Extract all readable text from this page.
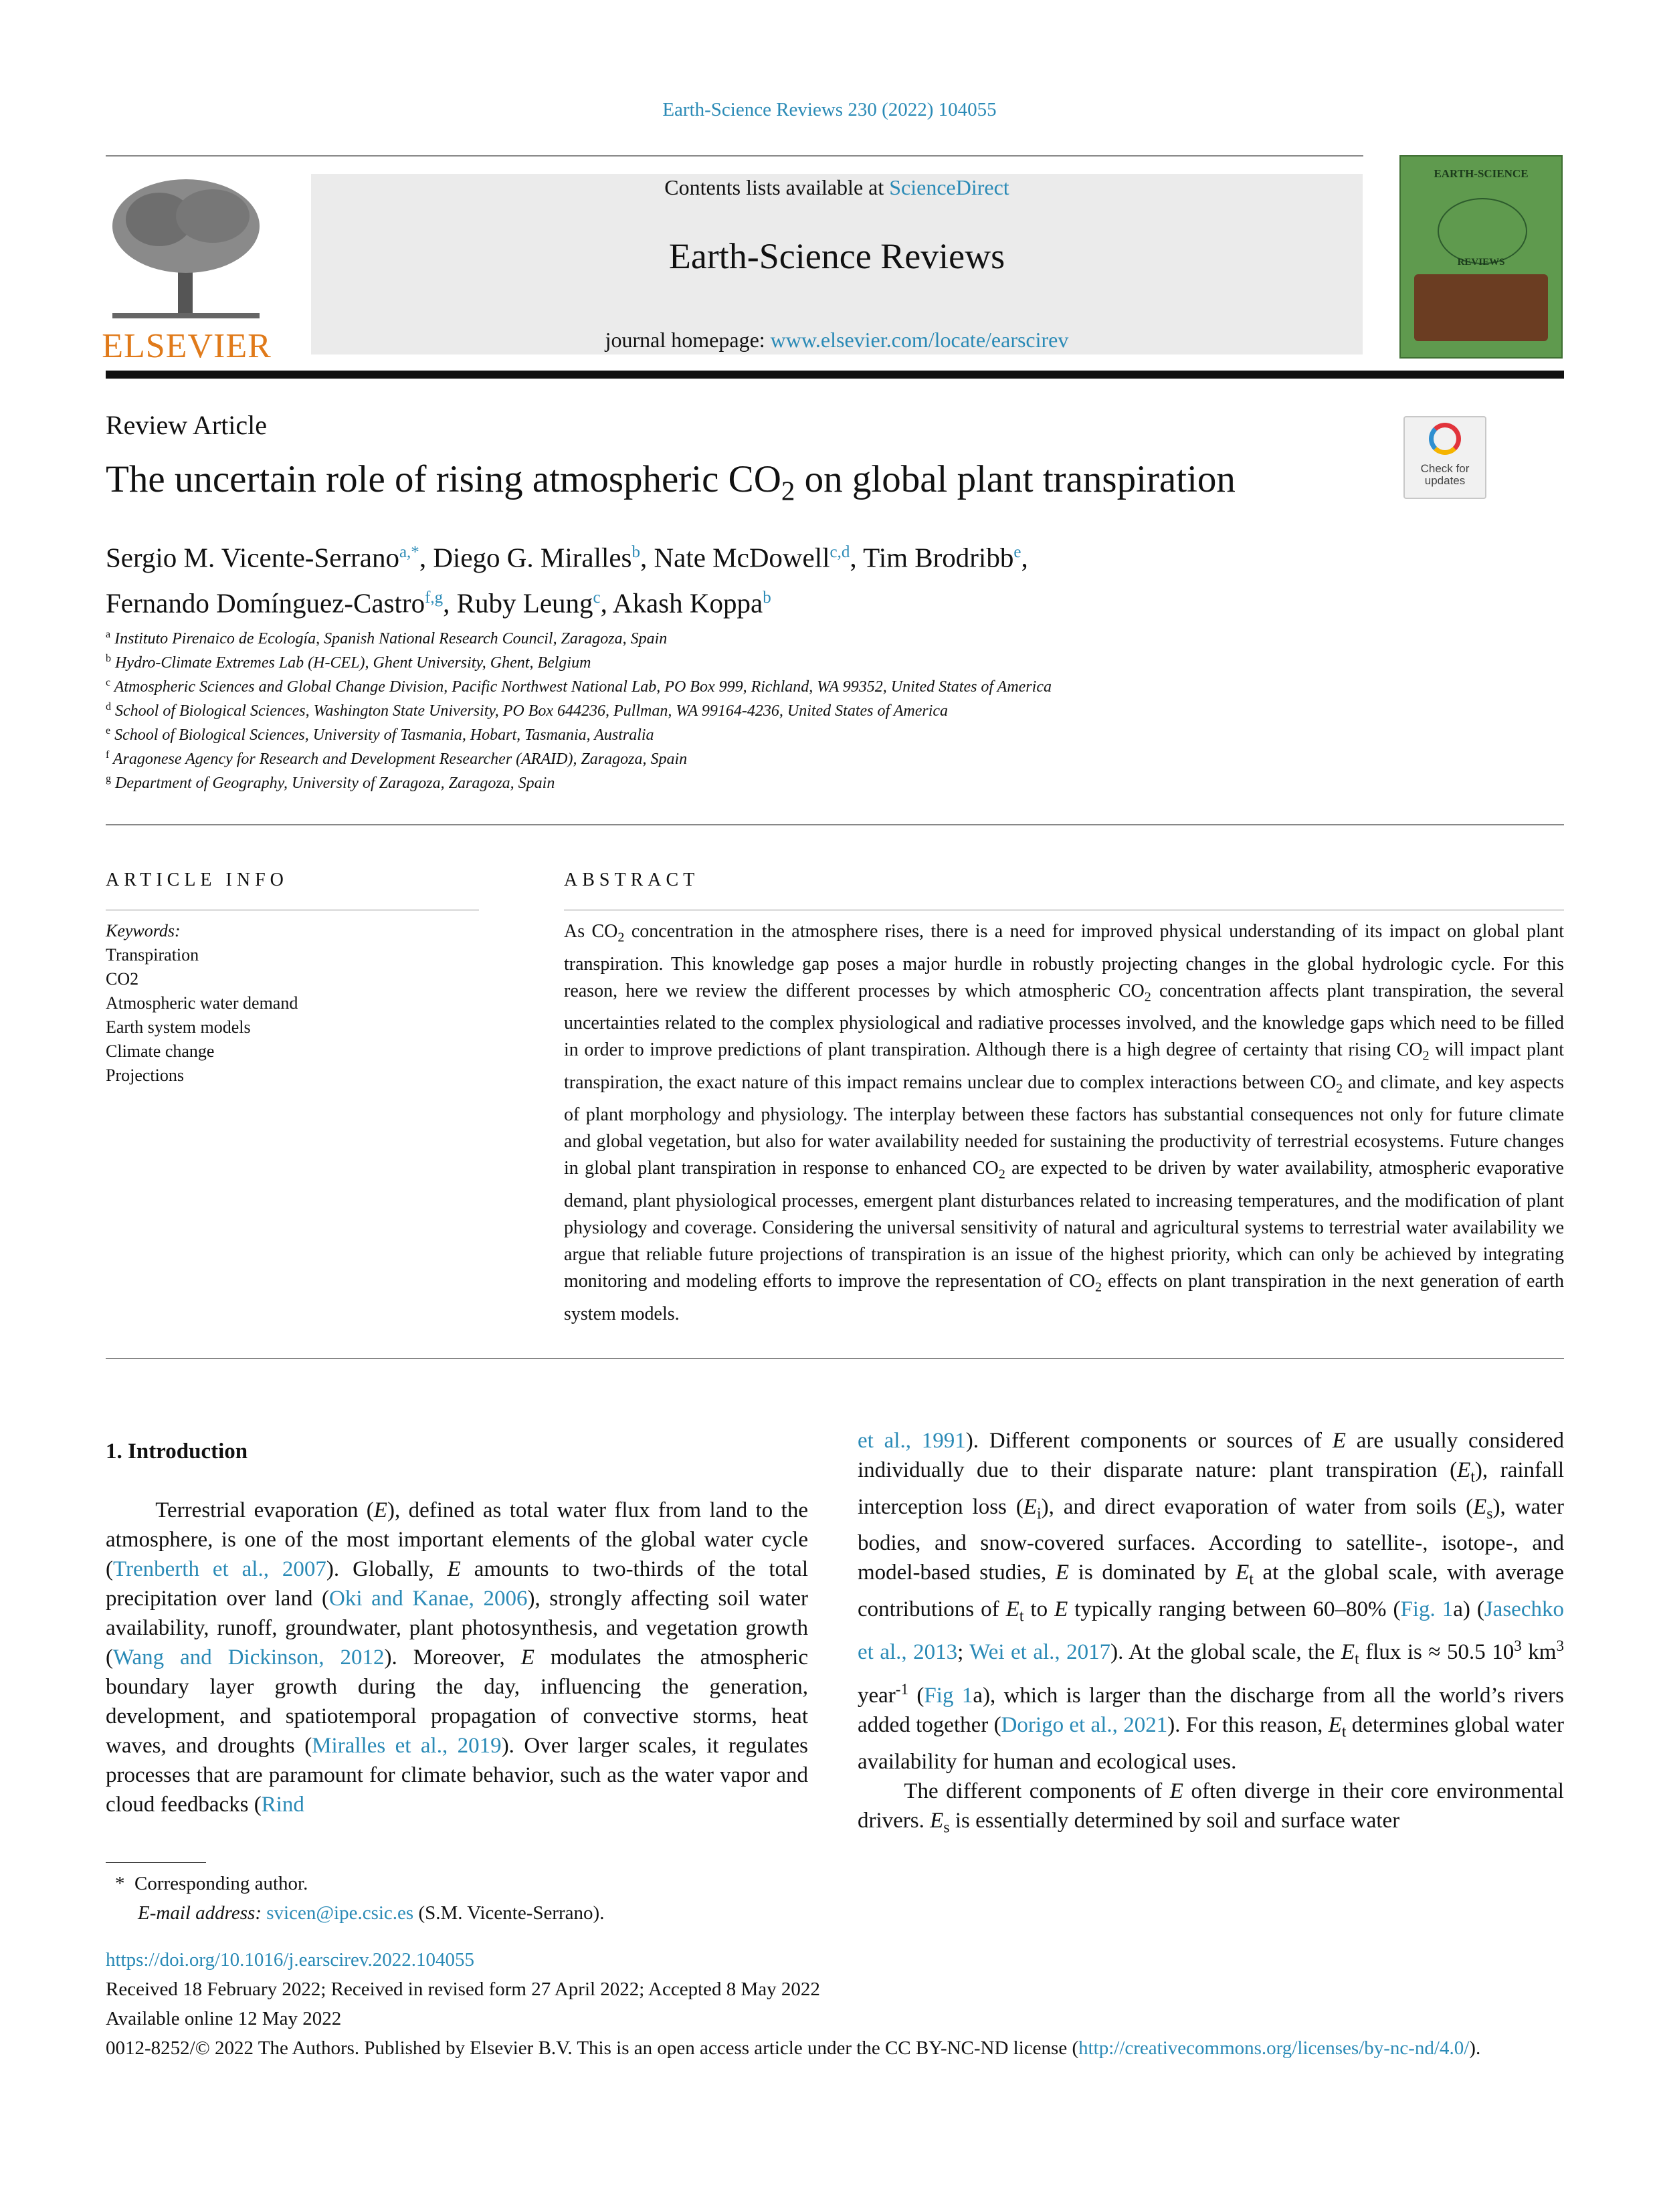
Earth-Science Reviews 230 (2022) 104055
ELSEVIER
Contents lists available at ScienceDirect
Earth-Science Reviews
journal homepage: www.elsevier.com/locate/earscirev
EARTH-SCIENCE
REVIEWS
Review Article
The uncertain role of rising atmospheric $CO_2$ on global plant transpiration	Check for updates
Sergio M. Vicente-Serrano$^{a,*}$, Diego G. Miralles$^b$, Nate McDowell$^{c,d}$, Tim Brodribb$^e$,
Fernando Domínguez-Castro$^{f,g}$, Ruby Leung$^c$, Akash Koppa$^b$
$^a$ Instituto Pirenaico de Ecología, Spanish National Research Council, Zaragoza, Spain
$^b$ Hydro-Climate Extremes Lab (H-CEL), Ghent University, Ghent, Belgium
$^c$ Atmospheric Sciences and Global Change Division, Pacific Northwest National Lab, PO Box 999, Richland, WA 99352, United States of America
$^d$ School of Biological Sciences, Washington State University, PO Box 644236, Pullman, WA 99164-4236, United States of America
$^e$ School of Biological Sciences, University of Tasmania, Hobart, Tasmania, Australia
$^f$ Aragonese Agency for Research and Development Researcher (ARAID), Zaragoza, Spain
$^g$ Department of Geography, University of Zaragoza, Zaragoza, Spain
ARTICLE INFO
Keywords:
Transpiration
CO2
Atmospheric water demand
Earth system models
Climate change
Projections
ABSTRACT
As $CO_2$ concentration in the atmosphere rises, there is a need for improved physical understanding of its impact on global plant transpiration. This knowledge gap poses a major hurdle in robustly projecting changes in the global hydrologic cycle. For this reason, here we review the different processes by which atmospheric $CO_2$ concentration affects plant transpiration, the several uncertainties related to the complex physiological and radiative processes involved, and the knowledge gaps which need to be filled in order to improve predictions of plant transpiration. Although there is a high degree of certainty that rising $CO_2$ will impact plant transpiration, the exact nature of this impact remains unclear due to complex interactions between $CO_2$ and climate, and key aspects of plant morphology and physiology. The interplay between these factors has substantial consequences not only for future climate and global vegetation, but also for water availability needed for sustaining the productivity of terrestrial ecosystems. Future changes in global plant transpiration in response to enhanced $CO_2$ are expected to be driven by water availability, atmospheric evaporative demand, plant physiological processes, emergent plant disturbances related to increasing temperatures, and the modification of plant physiology and coverage. Considering the universal sensitivity of natural and agricultural systems to terrestrial water availability we argue that reliable future projections of transpiration is an issue of the highest priority, which can only be achieved by integrating monitoring and modeling efforts to improve the representation of $CO_2$ effects on plant transpiration in the next generation of earth system models.
1. Introduction
Terrestrial evaporation (E), defined as total water flux from land to the atmosphere, is one of the most important elements of the global water cycle (Trenberth et al., 2007). Globally, E amounts to two-thirds of the total precipitation over land (Oki and Kanae, 2006), strongly affecting soil water availability, runoff, groundwater, plant photosynthesis, and vegetation growth (Wang and Dickinson, 2012). Moreover, E modulates the atmospheric boundary layer growth during the day, influencing the generation, development, and spatiotemporal propagation of convective storms, heat waves, and droughts (Miralles et al., 2019). Over larger scales, it regulates processes that are paramount for climate behavior, such as the water vapor and cloud feedbacks (Rind
et al., 1991). Different components or sources of E are usually considered individually due to their disparate nature: plant transpiration $(E_t)$, rainfall interception loss $(E_i)$, and direct evaporation of water from soils $(E_s)$, water bodies, and snow-covered surfaces. According to satellite-, isotope-, and model-based studies, E is dominated by $E_t$ at the global scale, with average contributions of $E_t$ to E typically ranging between 60–80% (Fig. 1a) (Jasechko et al., 2013; Wei et al., 2017). At the global scale, the $E_t$ flux is ≈ 50.5 $10^3$ $km^3$ year$^{-1}$ (Fig 1a), which is larger than the discharge from all the world’s rivers added together (Dorigo et al., 2021). For this reason, $E_t$ determines global water availability for human and ecological uses.
The different components of E often diverge in their core environmental drivers. $E_s$ is essentially determined by soil and surface water
* Corresponding author.
E-mail address: svicen@ipe.csic.es (S.M. Vicente-Serrano).
https://doi.org/10.1016/j.earscirev.2022.104055
Received 18 February 2022; Received in revised form 27 April 2022; Accepted 8 May 2022
Available online 12 May 2022
0012-8252/© 2022 The Authors. Published by Elsevier B.V. This is an open access article under the CC BY-NC-ND license (http://creativecommons.org/licenses/by-nc-nd/4.0/).
